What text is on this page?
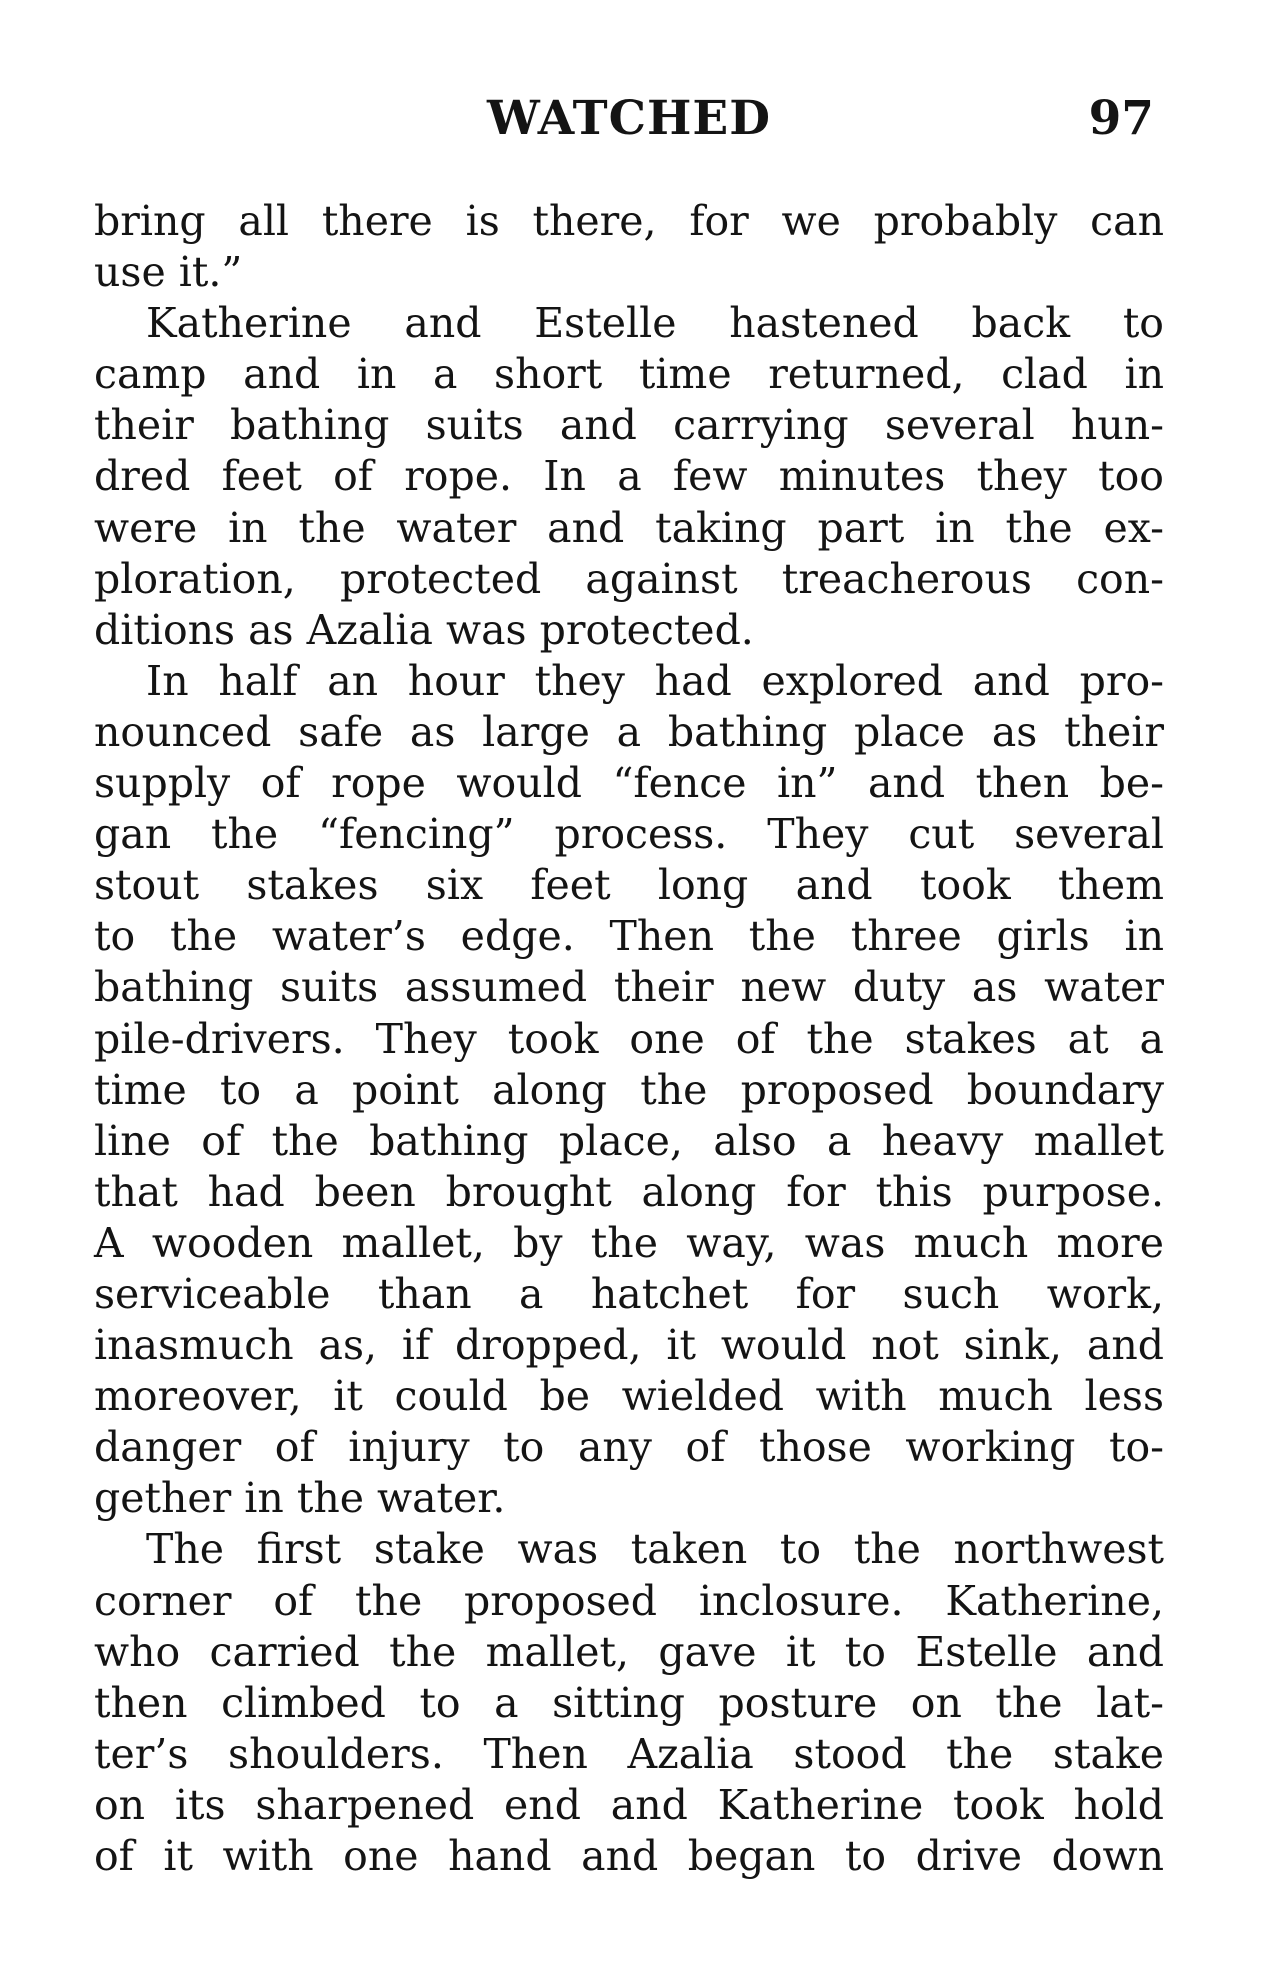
WATCHED	97
bring all there is there, for we probably can
use it.”
Katherine and Estelle hastened back to
camp and in a short time returned, clad in
their bathing suits and carrying several hun-
dred feet of rope. In a few minutes they too
were in the water and taking part in the ex-
ploration, protected against treacherous con-
ditions as Azalia was protected.
In half an hour they had explored and pro-
nounced safe as large a bathing place as their
supply of rope would “fence in” and then be-
gan the “fencing” process. They cut several
stout stakes six feet long and took them
to the water’s edge. Then the three girls in
bathing suits assumed their new duty as water
pile-drivers. They took one of the stakes at a
time to a point along the proposed boundary
line of the bathing place, also a heavy mallet
that had been brought along for this purpose.
A wooden mallet, by the way, was much more
serviceable than a hatchet for such work,
inasmuch as, if dropped, it would not sink, and
moreover, it could be wielded with much less
danger of injury to any of those working to-
gether in the water.
The first stake was taken to the northwest
corner of the proposed inclosure. Katherine,
who carried the mallet, gave it to Estelle and
then climbed to a sitting posture on the lat-
ter’s shoulders. Then Azalia stood the stake
on its sharpened end and Katherine took hold
of it with one hand and began to drive down
